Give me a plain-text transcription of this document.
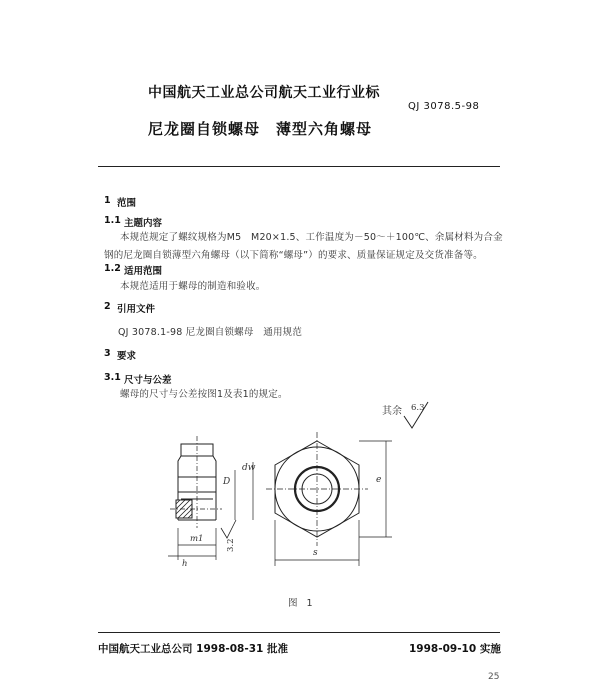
中国航天工业总公司航天工业行业标
QJ 3078.5-98
尼龙圈自锁螺母　薄型六角螺母
1 范围
1.1 主题内容
本规范规定了螺纹规格为M5　M20×1.5、工作温度为－50～＋100℃、余属材料为合金
钢的尼龙圈自锁薄型六角螺母（以下简称“螺母”）的要求、质量保证规定及交货准备等。
1.2 适用范围
本规范适用于螺母的制造和验收。
2 引用文件
QJ 3078.1-98 尼龙圈自锁螺母　通用规范
3 要求
3.1 尺寸与公差
螺母的尺寸与公差按图1及表1的规定。
其余 6.3
D
dw
m1
h
3.2
e
s
图 1
中国航天工业总公司 1998-08-31 批准	1998-09-10 实施
25
